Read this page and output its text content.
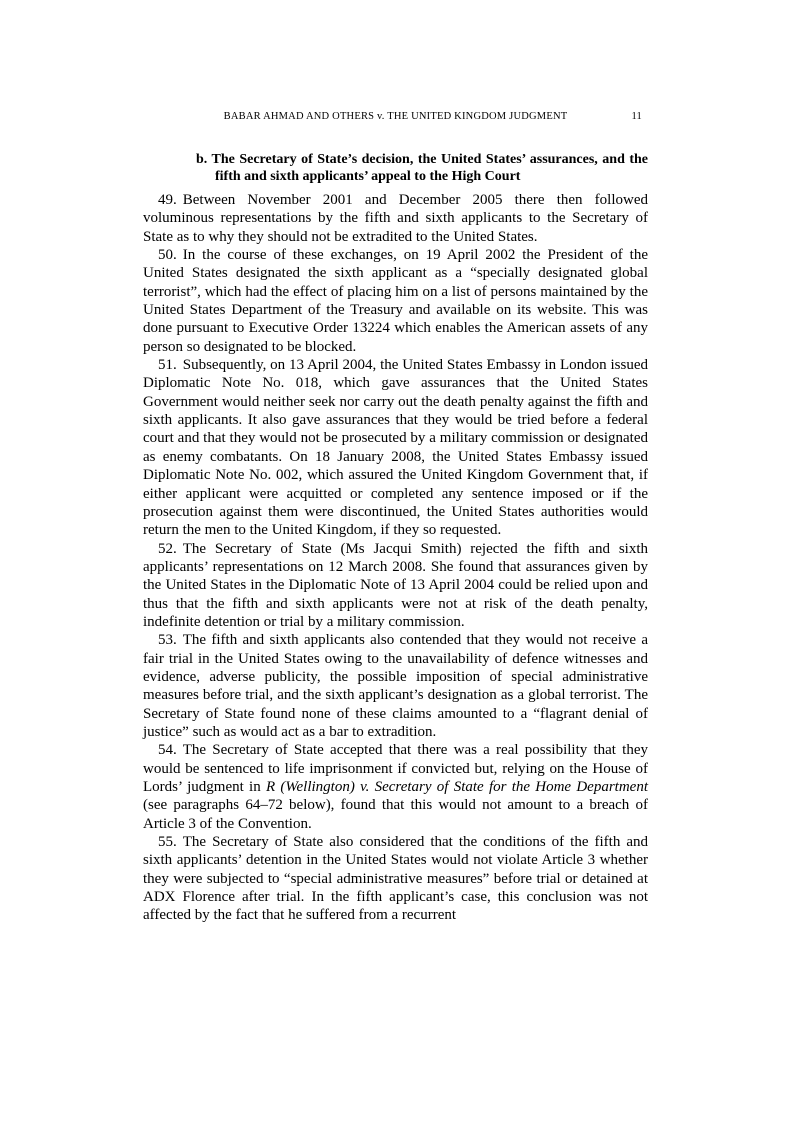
BABAR AHMAD AND OTHERS v. THE UNITED KINGDOM JUDGMENT	11
b. The Secretary of State’s decision, the United States’ assurances, and the fifth and sixth applicants’ appeal to the High Court

49. Between November 2001 and December 2005 there then followed voluminous representations by the fifth and sixth applicants to the Secretary of State as to why they should not be extradited to the United States.

50. In the course of these exchanges, on 19 April 2002 the President of the United States designated the sixth applicant as a “specially designated global terrorist”, which had the effect of placing him on a list of persons maintained by the United States Department of the Treasury and available on its website. This was done pursuant to Executive Order 13224 which enables the American assets of any person so designated to be blocked.

51. Subsequently, on 13 April 2004, the United States Embassy in London issued Diplomatic Note No. 018, which gave assurances that the United States Government would neither seek nor carry out the death penalty against the fifth and sixth applicants. It also gave assurances that they would be tried before a federal court and that they would not be prosecuted by a military commission or designated as enemy combatants. On 18 January 2008, the United States Embassy issued Diplomatic Note No. 002, which assured the United Kingdom Government that, if either applicant were acquitted or completed any sentence imposed or if the prosecution against them were discontinued, the United States authorities would return the men to the United Kingdom, if they so requested.

52. The Secretary of State (Ms Jacqui Smith) rejected the fifth and sixth applicants’ representations on 12 March 2008. She found that assurances given by the United States in the Diplomatic Note of 13 April 2004 could be relied upon and thus that the fifth and sixth applicants were not at risk of the death penalty, indefinite detention or trial by a military commission.

53. The fifth and sixth applicants also contended that they would not receive a fair trial in the United States owing to the unavailability of defence witnesses and evidence, adverse publicity, the possible imposition of special administrative measures before trial, and the sixth applicant’s designation as a global terrorist. The Secretary of State found none of these claims amounted to a “flagrant denial of justice” such as would act as a bar to extradition.

54. The Secretary of State accepted that there was a real possibility that they would be sentenced to life imprisonment if convicted but, relying on the House of Lords’ judgment in R (Wellington) v. Secretary of State for the Home Department (see paragraphs 64–72 below), found that this would not amount to a breach of Article 3 of the Convention.

55. The Secretary of State also considered that the conditions of the fifth and sixth applicants’ detention in the United States would not violate Article 3 whether they were subjected to “special administrative measures” before trial or detained at ADX Florence after trial. In the fifth applicant’s case, this conclusion was not affected by the fact that he suffered from a recurrent
